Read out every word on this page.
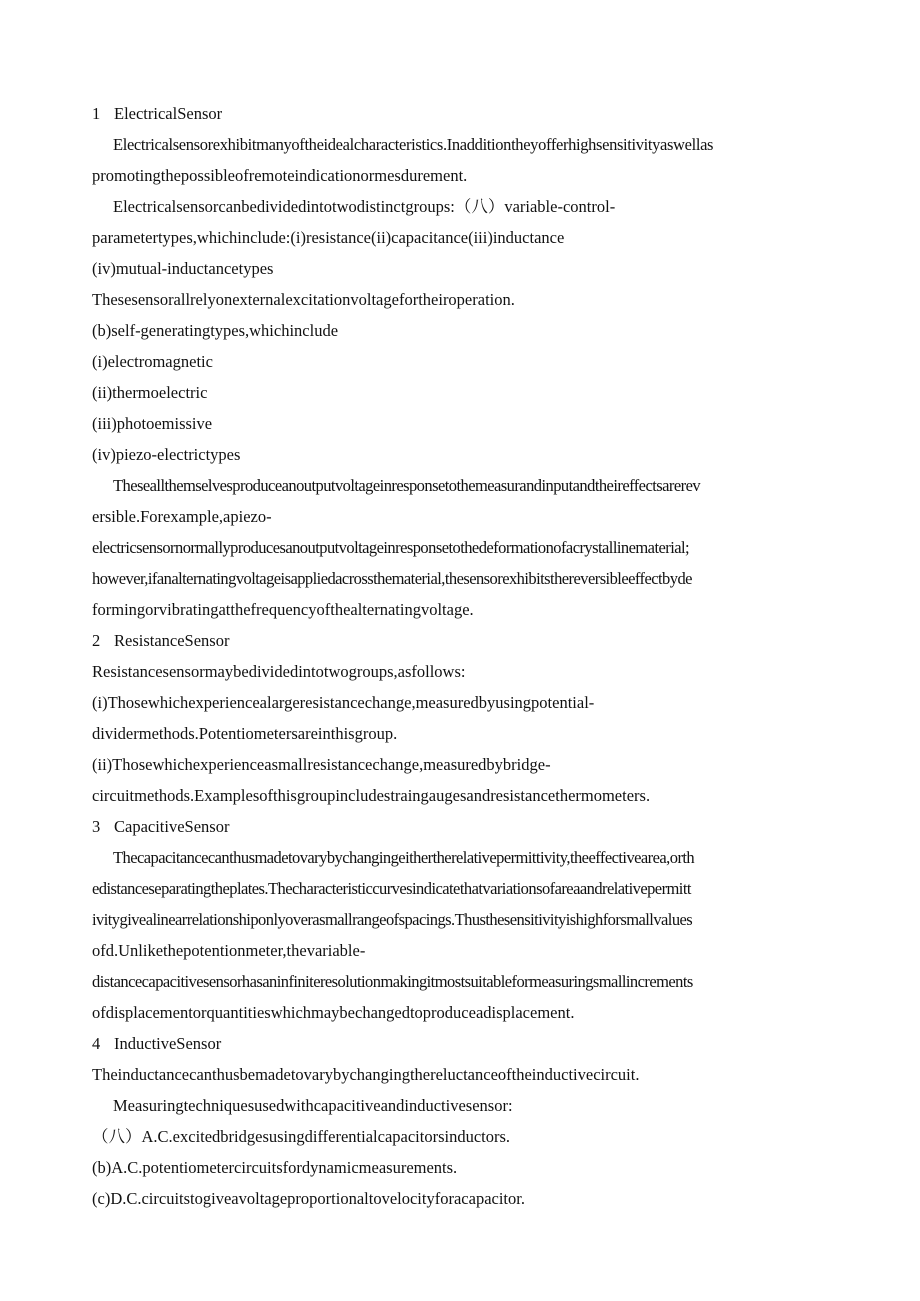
1 ElectricalSensor
Electricalsensorexhibitmanyoftheidealcharacteristics.Inadditiontheyofferhighsensitivityaswellas
promotingthepossibleofremoteindicationormesdurement.
Electricalsensorcanbedividedintotwodistinctgroups:（八）variable-control-
parametertypes,whichinclude:(i)resistance(ii)capacitance(iii)inductance
(iv)mutual-inductancetypes
Thesesensorallrelyonexternalexcitationvoltagefortheiroperation.
(b)self-generatingtypes,whichinclude
(i)electromagnetic
(ii)thermoelectric
(iii)photoemissive
(iv)piezo-electrictypes
Theseallthemselvesproduceanoutputvoltageinresponsetothemeasurandinputandtheireffectsarerev
ersible.Forexample,apiezo-
electricsensornormallyproducesanoutputvoltageinresponsetothedeformationofacrystallinematerial;
however,ifanalternatingvoltageisappliedacrossthematerial,thesensorexhibitsthereversibleeffectbyde
formingorvibratingatthefrequencyofthealternatingvoltage.
2 ResistanceSensor
Resistancesensormaybedividedintotwogroups,asfollows:
(i)Thosewhichexperiencealargeresistancechange,measuredbyusingpotential-
dividermethods.Potentiometersareinthisgroup.
(ii)Thosewhichexperienceasmallresistancechange,measuredbybridge-
circuitmethods.Examplesofthisgroupincludestraingaugesandresistancethermometers.
3 CapacitiveSensor
Thecapacitancecanthusmadetovarybychangingeithertherelativepermittivity,theeffectivearea,orth
edistanceseparatingtheplates.Thecharacteristiccurvesindicatethatvariationsofareaandrelativepermitt
ivitygivealinearrelationshiponlyoverasmallrangeofspacings.Thusthesensitivityishighforsmallvalues
ofd.Unlikethepotentionmeter,thevariable-
distancecapacitivesensorhasaninfiniteresolutionmakingitmostsuitableformeasuringsmallincrements
ofdisplacementorquantitieswhichmaybechangedtoproduceadisplacement.
4 InductiveSensor
Theinductancecanthusbemadetovarybychangingthereluctanceoftheinductivecircuit.
Measuringtechniquesusedwithcapacitiveandinductivesensor:
（八）A.C.excitedbridgesusingdifferentialcapacitorsinductors.
(b)A.C.potentiometercircuitsfordynamicmeasurements.
(c)D.C.circuitstogiveavoltageproportionaltovelocityforacapacitor.
